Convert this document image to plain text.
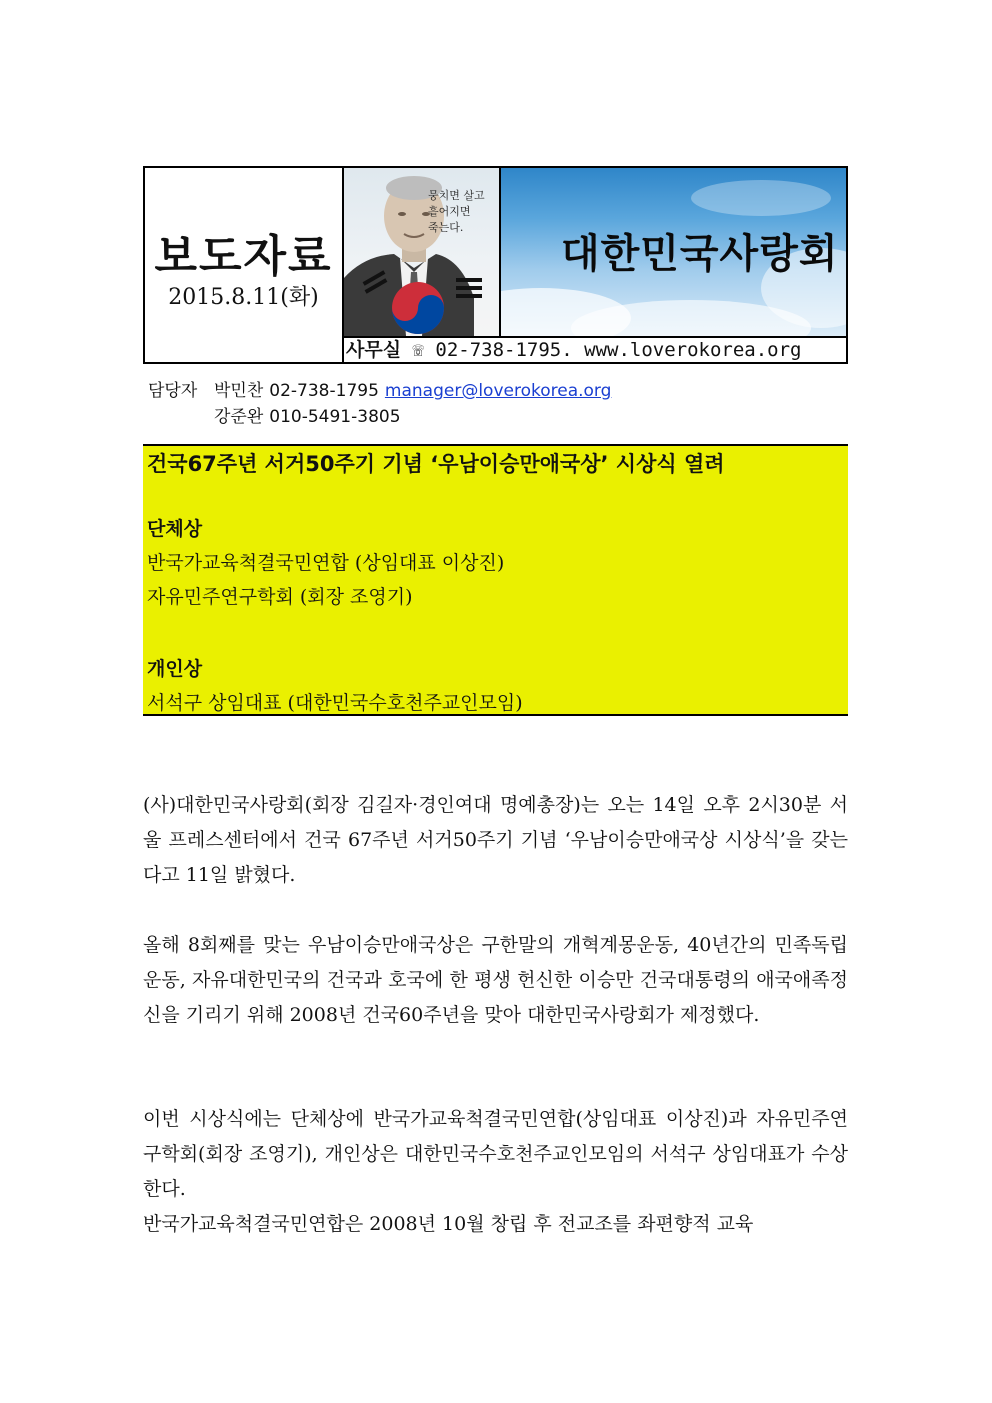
보도자료
2015.8.11(화)
뭉치면 살고
흩어지면
죽는다.
대한민국사랑회
사무실 ☏ 02-738-1795. www.loverokorea.org
담당자 박민찬 02-738-1795 manager@loverokorea.org
강준완 010-5491-3805
건국67주년 서거50주기 기념 ‘우남이승만애국상’ 시상식 열려
단체상
반국가교육척결국민연합 (상임대표 이상진)
자유민주연구학회 (회장 조영기)
개인상
서석구 상임대표 (대한민국수호천주교인모임)

(사)대한민국사랑회(회장 김길자·경인여대 명예총장)는 오는 14일 오후 2시30분 서울 프레스센터에서 건국 67주년 서거50주기 기념 ‘우남이승만애국상 시상식’을 갖는다고 11일 밝혔다.

올해 8회째를 맞는 우남이승만애국상은 구한말의 개혁계몽운동, 40년간의 민족독립운동, 자유대한민국의 건국과 호국에 한 평생 헌신한 이승만 건국대통령의 애국애족정신을 기리기 위해 2008년 건국60주년을 맞아 대한민국사랑회가 제정했다.

이번 시상식에는 단체상에 반국가교육척결국민연합(상임대표 이상진)과 자유민주연구학회(회장 조영기), 개인상은 대한민국수호천주교인모임의 서석구 상임대표가 수상한다.

반국가교육척결국민연합은 2008년 10월 창립 후 전교조를 좌편향적 교육
